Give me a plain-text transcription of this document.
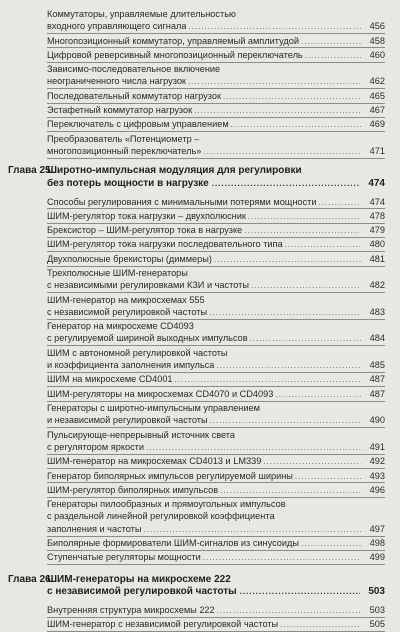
Коммутаторы, управляемые длительностью
входного управляющего сигнала .....	456
Многопозиционный коммутатор, управляемый амплитудой .....	458
Цифровой реверсивный многопозиционный переключатель .....	460
Зависимо-последовательное включение
неограниченного числа нагрузок .....	462
Последовательный коммутатор нагрузок .....	465
Эстафетный коммутатор нагрузок .....	467
Переключатель с цифровым управлением .....	469
Преобразователь «Потенциометр –
многопозиционный переключатель» .....	471
Глава 25.
Широтно-импульсная модуляция для регулировки
без потерь мощности в нагрузке .....	474
Способы регулирования с минимальными потерями мощности .....	474
ШИМ-регулятор тока нагрузки – двухполюсник .....	478
Брексистор – ШИМ-регулятор тока в нагрузке .....	479
ШИМ-регулятор тока нагрузки последовательного типа .....	480
Двухполюсные брекисторы (диммеры) .....	481
Трехполюсные ШИМ-генераторы
с независимыми регулировками КЗИ и частоты .....	482
ШИМ-генератор на микросхемах 555
с независимой регулировкой частоты .....	483
Генератор на микросхеме CD4093
с регулируемой шириной выходных импульсов .....	484
ШИМ с автономной регулировкой частоты
и коэффициента заполнения импульса .....	485
ШИМ на микросхеме CD4001 .....	487
ШИМ-регуляторы на микросхемах CD4070 и CD4093 .....	487
Генераторы с широтно-импульсным управлением
и независимой регулировкой частоты .....	490
Пульсирующе-непрерывный источник света
с регулятором яркости .....	491
ШИМ-генератор на микросхемах CD4013 и LM339 .....	492
Генератор биполярных импульсов регулируемой ширины .....	493
ШИМ-регулятор биполярных импульсов .....	496
Генераторы пилообразных и прямоугольных импульсов
с раздельной линейной регулировкой коэффициента
заполнения и частоты .....	497
Биполярные формирователи ШИМ-сигналов из синусоиды .....	498
Ступенчатые регуляторы мощности .....	499
Глава 26.
ШИМ-генераторы на микросхеме 222
с независимой регулировкой частоты .....	503
Внутренняя структура микросхемы 222 .....	503
ШИМ-генератор с независимой регулировкой частоты .....	505
